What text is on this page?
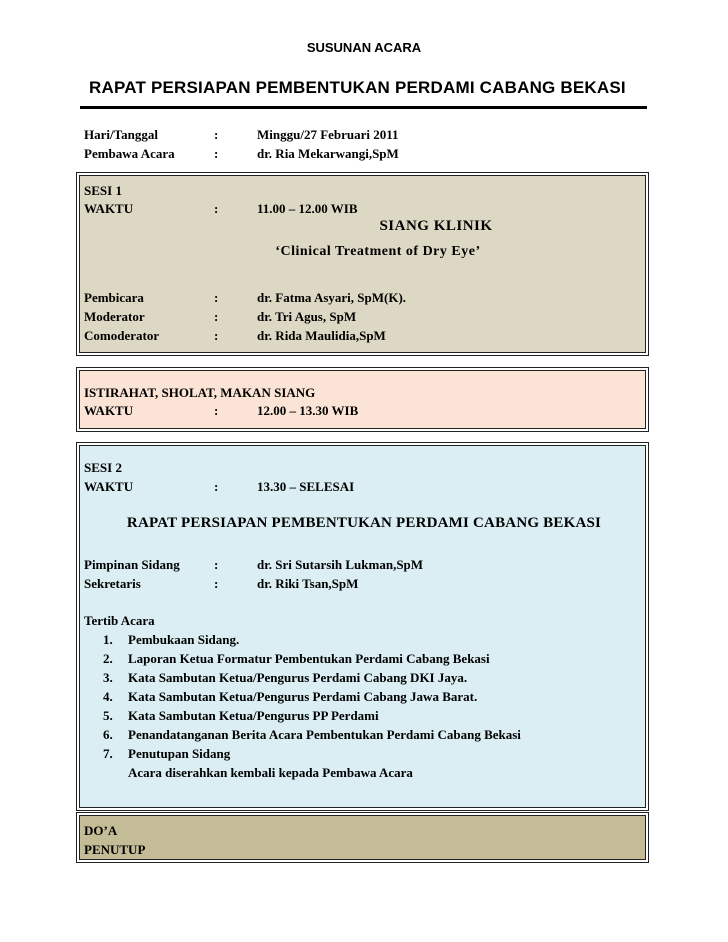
SUSUNAN ACARA
RAPAT PERSIAPAN PEMBENTUKAN PERDAMI CABANG BEKASI
Hari/Tanggal	:	Minggu/27 Februari 2011
Pembawa Acara	:	dr. Ria Mekarwangi,SpM
SESI 1
WAKTU	:	11.00 – 12.00 WIB
SIANG KLINIK
‘Clinical Treatment of Dry Eye’
Pembicara	:	dr. Fatma Asyari, SpM(K).
Moderator	:	dr. Tri Agus, SpM
Comoderator	:	dr. Rida Maulidia,SpM
ISTIRAHAT, SHOLAT, MAKAN SIANG
WAKTU	:	12.00 – 13.30 WIB
SESI 2
WAKTU	:	13.30 – SELESAI
RAPAT PERSIAPAN PEMBENTUKAN PERDAMI CABANG BEKASI
Pimpinan Sidang	:	dr. Sri Sutarsih Lukman,SpM
Sekretaris	:	dr. Riki Tsan,SpM
Tertib Acara
1. Pembukaan Sidang.
2. Laporan Ketua Formatur Pembentukan Perdami Cabang Bekasi
3. Kata Sambutan Ketua/Pengurus Perdami Cabang DKI Jaya.
4. Kata Sambutan Ketua/Pengurus Perdami Cabang Jawa Barat.
5. Kata Sambutan Ketua/Pengurus PP Perdami
6. Penandatanganan Berita Acara Pembentukan Perdami Cabang Bekasi
7. Penutupan Sidang
Acara diserahkan kembali kepada Pembawa Acara
DO’A
PENUTUP
